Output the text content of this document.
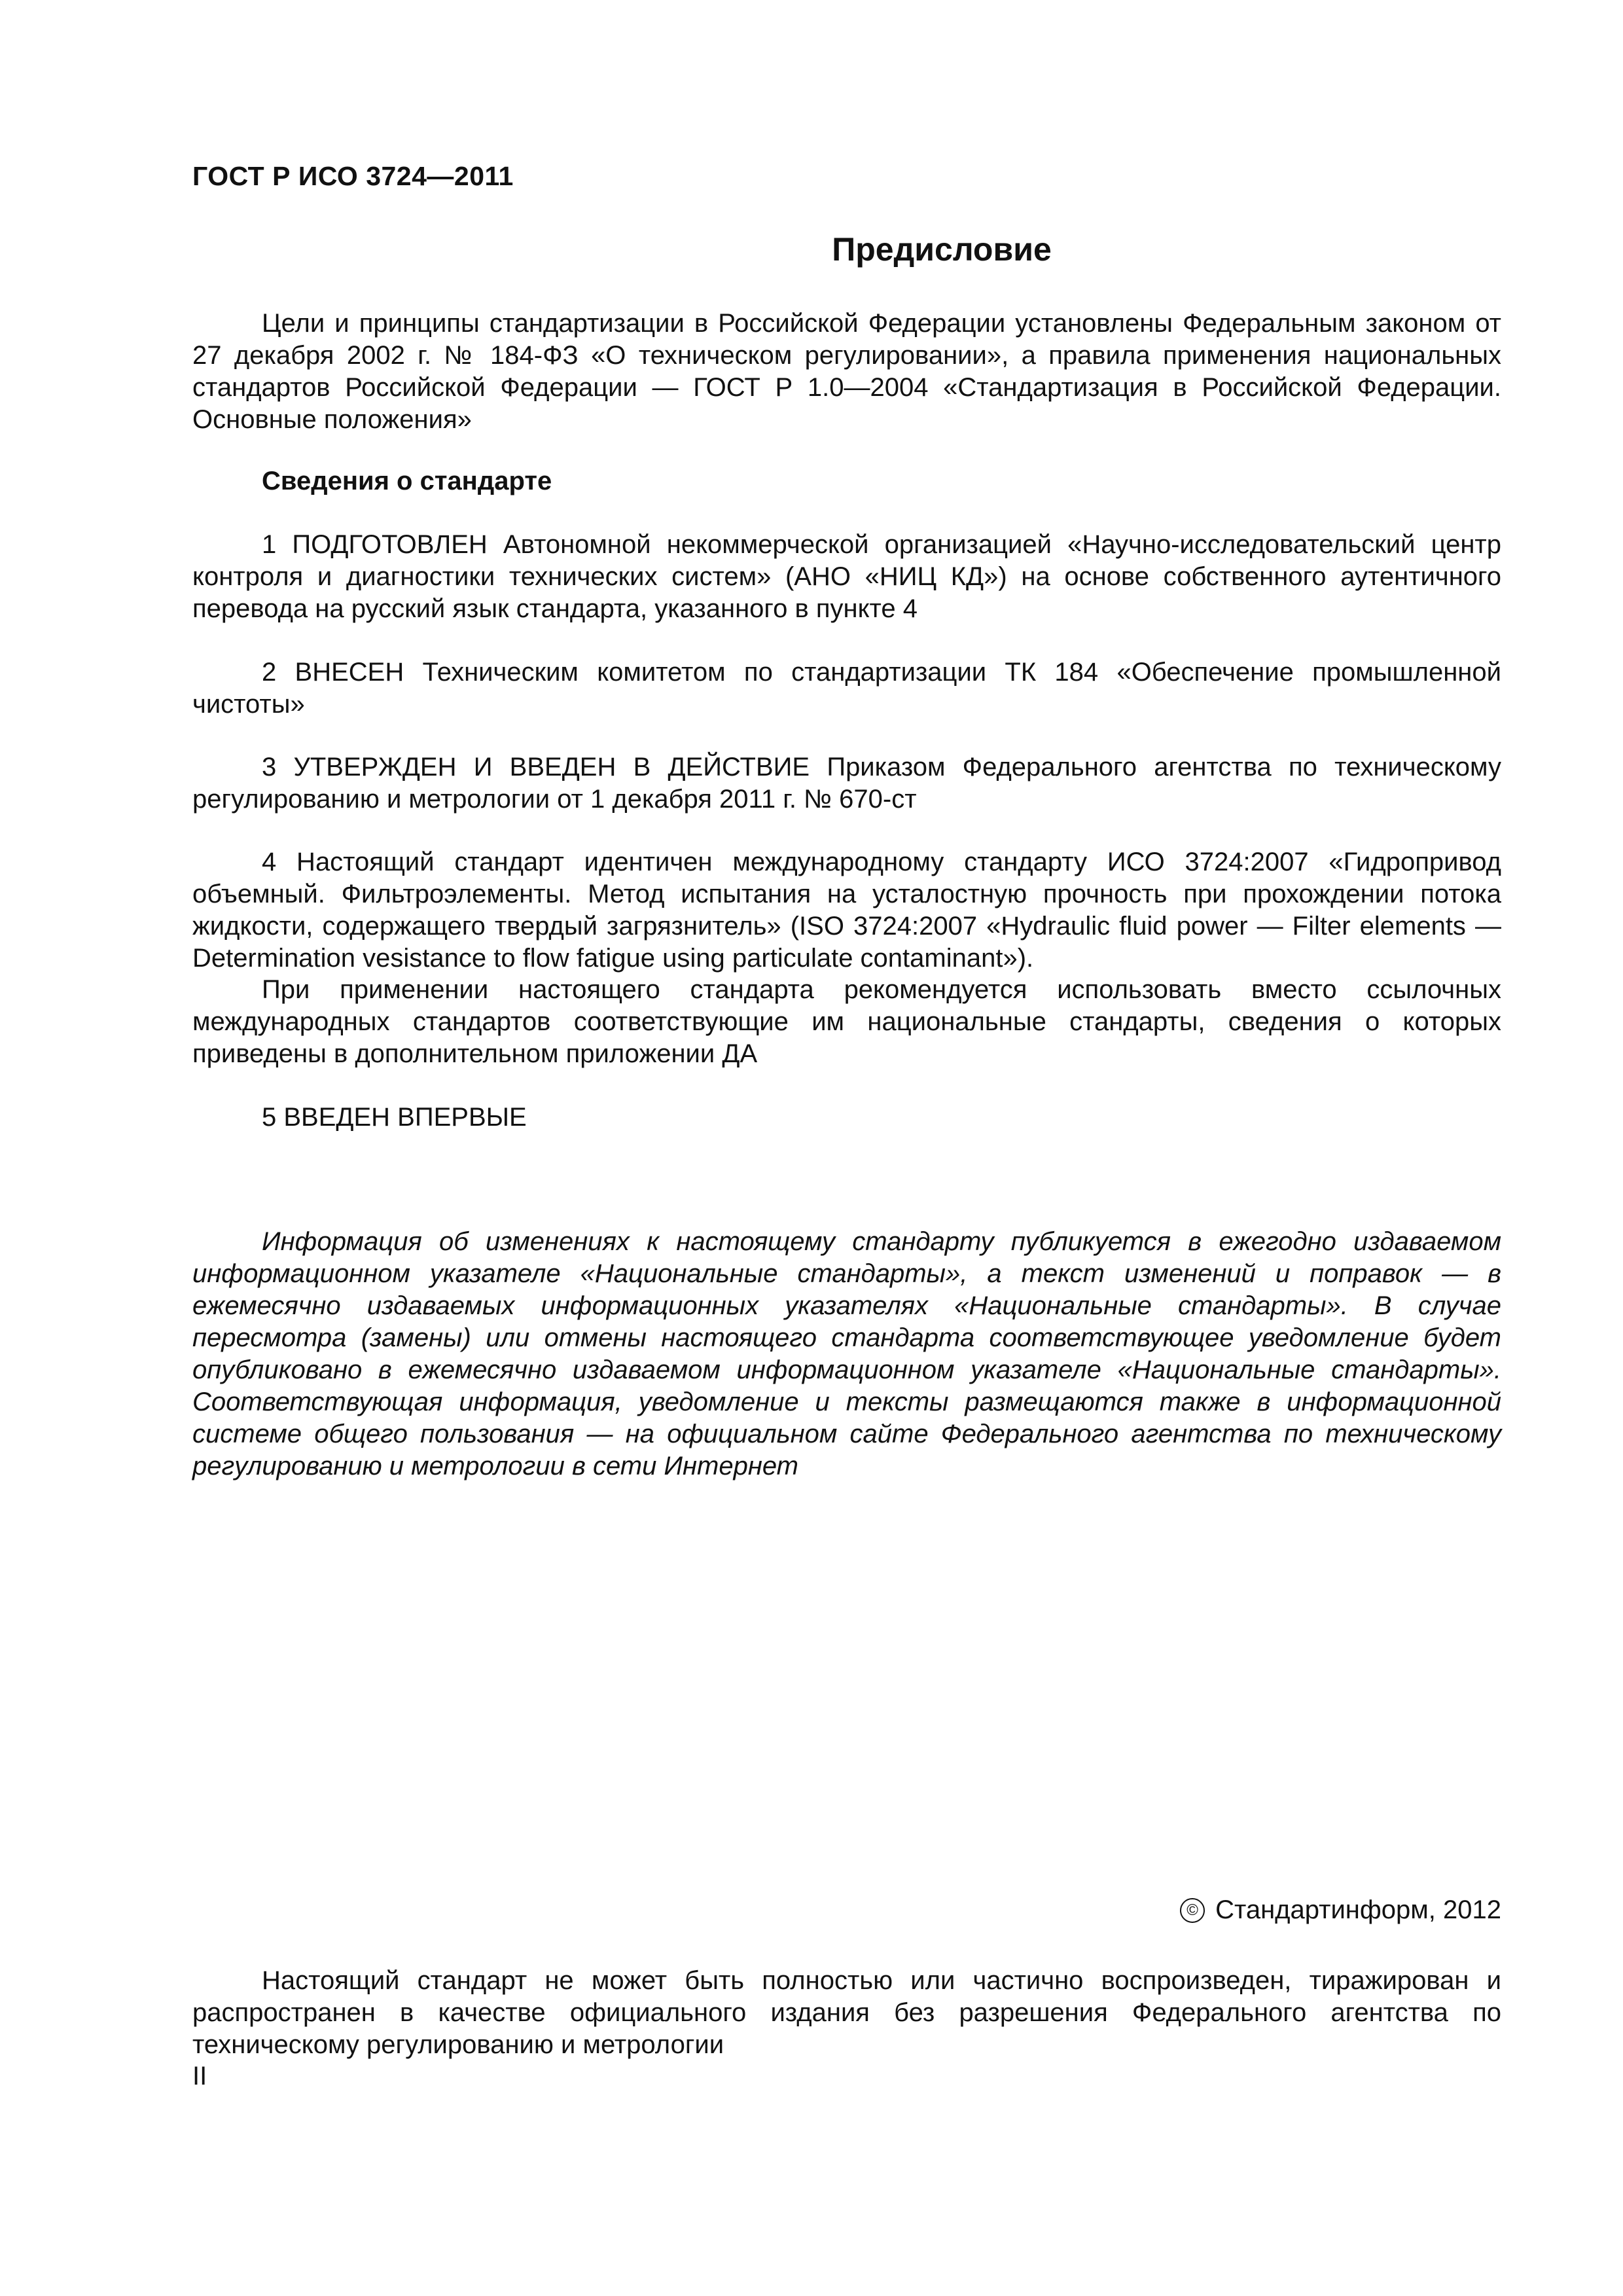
ГОСТ Р ИСО 3724—2011
Предисловие

Цели и принципы стандартизации в Российской Федерации установлены Федеральным законом от 27 декабря 2002 г. № 184-ФЗ «О техническом регулировании», а правила применения национальных стандартов Российской Федерации — ГОСТ Р 1.0—2004 «Стандартизация в Российской Федерации. Основные положения»

Сведения о стандарте

1 ПОДГОТОВЛЕН Автономной некоммерческой организацией «Научно-исследовательский центр контроля и диагностики технических систем» (АНО «НИЦ КД») на основе собственного аутентичного перевода на русский язык стандарта, указанного в пункте 4

2 ВНЕСЕН Техническим комитетом по стандартизации ТК 184 «Обеспечение промышленной чистоты»

3 УТВЕРЖДЕН И ВВЕДЕН В ДЕЙСТВИЕ Приказом Федерального агентства по техническому регулированию и метрологии от 1 декабря 2011 г. № 670-ст

4 Настоящий стандарт идентичен международному стандарту ИСО 3724:2007 «Гидропривод объемный. Фильтроэлементы. Метод испытания на усталостную прочность при прохождении потока жидкости, содержащего твердый загрязнитель» (ISO 3724:2007 «Hydraulic fluid power — Filter elements — Determination vesistance to flow fatigue using particulate contaminant»).

При применении настоящего стандарта рекомендуется использовать вместо ссылочных международных стандартов соответствующие им национальные стандарты, сведения о которых приведены в дополнительном приложении ДА

5 ВВЕДЕН ВПЕРВЫЕ

Информация об изменениях к настоящему стандарту публикуется в ежегодно издаваемом информационном указателе «Национальные стандарты», а текст изменений и поправок — в ежемесячно издаваемых информационных указателях «Национальные стандарты». В случае пересмотра (замены) или отмены настоящего стандарта соответствующее уведомление будет опубликовано в ежемесячно издаваемом информационном указателе «Национальные стандарты». Соответствующая информация, уведомление и тексты размещаются также в информационной системе общего пользования — на официальном сайте Федерального агентства по техническому регулированию и метрологии в сети Интернет

© Стандартинформ, 2012

Настоящий стандарт не может быть полностью или частично воспроизведен, тиражирован и распространен в качестве официального издания без разрешения Федерального агентства по техническому регулированию и метрологии

II
